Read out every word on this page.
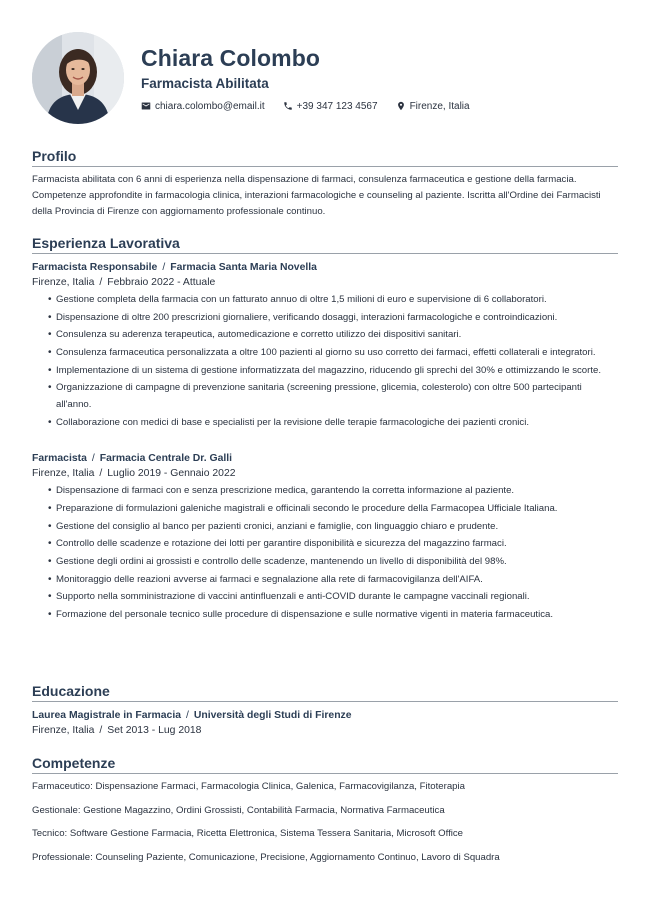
Chiara Colombo
Farmacista Abilitata
chiara.colombo@email.it	+39 347 123 4567	Firenze, Italia
Profilo

Farmacista abilitata con 6 anni di esperienza nella dispensazione di farmaci, consulenza farmaceutica e gestione della farmacia. Competenze approfondite in farmacologia clinica, interazioni farmacologiche e counseling al paziente. Iscritta all'Ordine dei Farmacisti della Provincia di Firenze con aggiornamento professionale continuo.

Esperienza Lavorativa
Farmacista Responsabile / Farmacia Santa Maria Novella
Firenze, Italia / Febbraio 2022 - Attuale
• Gestione completa della farmacia con un fatturato annuo di oltre 1,5 milioni di euro e supervisione di 6 collaboratori.
• Dispensazione di oltre 200 prescrizioni giornaliere, verificando dosaggi, interazioni farmacologiche e controindicazioni.
• Consulenza su aderenza terapeutica, automedicazione e corretto utilizzo dei dispositivi sanitari.
• Consulenza farmaceutica personalizzata a oltre 100 pazienti al giorno su uso corretto dei farmaci, effetti collaterali e integratori.
• Implementazione di un sistema di gestione informatizzata del magazzino, riducendo gli sprechi del 30% e ottimizzando le scorte.
• Organizzazione di campagne di prevenzione sanitaria (screening pressione, glicemia, colesterolo) con oltre 500 partecipanti all'anno.
• Collaborazione con medici di base e specialisti per la revisione delle terapie farmacologiche dei pazienti cronici.
Farmacista / Farmacia Centrale Dr. Galli
Firenze, Italia / Luglio 2019 - Gennaio 2022
• Dispensazione di farmaci con e senza prescrizione medica, garantendo la corretta informazione al paziente.
• Preparazione di formulazioni galeniche magistrali e officinali secondo le procedure della Farmacopea Ufficiale Italiana.
• Gestione del consiglio al banco per pazienti cronici, anziani e famiglie, con linguaggio chiaro e prudente.
• Controllo delle scadenze e rotazione dei lotti per garantire disponibilità e sicurezza del magazzino farmaci.
• Gestione degli ordini ai grossisti e controllo delle scadenze, mantenendo un livello di disponibilità del 98%.
• Monitoraggio delle reazioni avverse ai farmaci e segnalazione alla rete di farmacovigilanza dell'AIFA.
• Supporto nella somministrazione di vaccini antinfluenzali e anti-COVID durante le campagne vaccinali regionali.
• Formazione del personale tecnico sulle procedure di dispensazione e sulle normative vigenti in materia farmaceutica.
Educazione
Laurea Magistrale in Farmacia / Università degli Studi di Firenze
Firenze, Italia / Set 2013 - Lug 2018
Competenze
Farmaceutico: Dispensazione Farmaci, Farmacologia Clinica, Galenica, Farmacovigilanza, Fitoterapia
Gestionale: Gestione Magazzino, Ordini Grossisti, Contabilità Farmacia, Normativa Farmaceutica
Tecnico: Software Gestione Farmacia, Ricetta Elettronica, Sistema Tessera Sanitaria, Microsoft Office
Professionale: Counseling Paziente, Comunicazione, Precisione, Aggiornamento Continuo, Lavoro di Squadra
